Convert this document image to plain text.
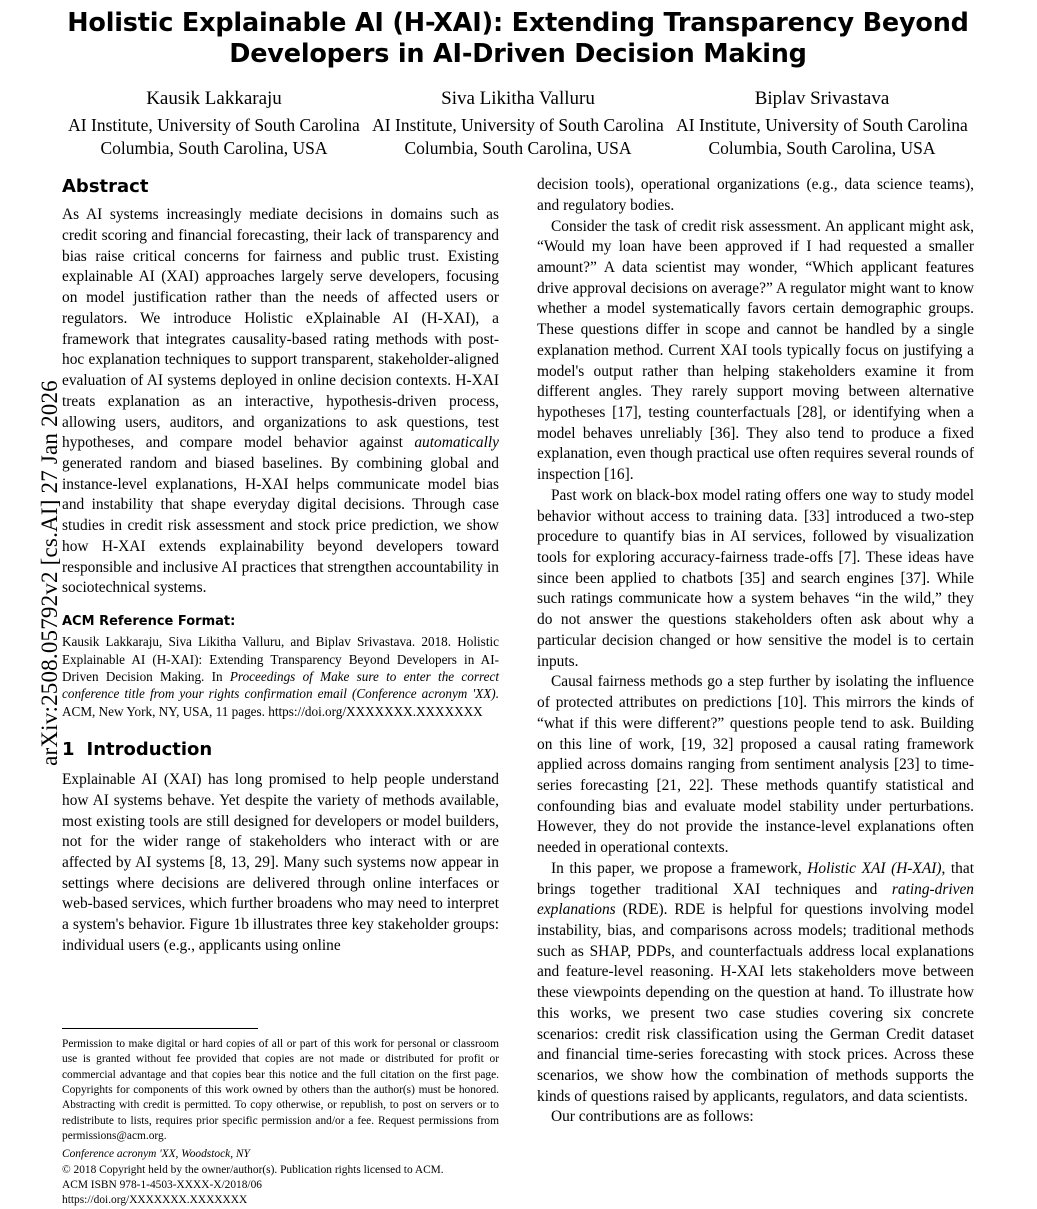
arXiv:2508.05792v2 [cs.AI] 27 Jan 2026
Holistic Explainable AI (H-XAI): Extending Transparency Beyond Developers in AI-Driven Decision Making
Kausik Lakkaraju
AI Institute, University of South Carolina
Columbia, South Carolina, USA
Siva Likitha Valluru
AI Institute, University of South Carolina
Columbia, South Carolina, USA
Biplav Srivastava
AI Institute, University of South Carolina
Columbia, South Carolina, USA
Abstract

As AI systems increasingly mediate decisions in domains such as credit scoring and financial forecasting, their lack of transparency and bias raise critical concerns for fairness and public trust. Existing explainable AI (XAI) approaches largely serve developers, focusing on model justification rather than the needs of affected users or regulators. We introduce Holistic eXplainable AI (H-XAI), a framework that integrates causality-based rating methods with post-hoc explanation techniques to support transparent, stakeholder-aligned evaluation of AI systems deployed in online decision contexts. H-XAI treats explanation as an interactive, hypothesis-driven process, allowing users, auditors, and organizations to ask questions, test hypotheses, and compare model behavior against automatically generated random and biased baselines. By combining global and instance-level explanations, H-XAI helps communicate model bias and instability that shape everyday digital decisions. Through case studies in credit risk assessment and stock price prediction, we show how H-XAI extends explainability beyond developers toward responsible and inclusive AI practices that strengthen accountability in sociotechnical systems.

ACM Reference Format:
Kausik Lakkaraju, Siva Likitha Valluru, and Biplav Srivastava. 2018. Holistic Explainable AI (H-XAI): Extending Transparency Beyond Developers in AI-Driven Decision Making. In Proceedings of Make sure to enter the correct conference title from your rights confirmation email (Conference acronym 'XX). ACM, New York, NY, USA, 11 pages. https://doi.org/XXXXXXX.XXXXXXX
1 Introduction

Explainable AI (XAI) has long promised to help people understand how AI systems behave. Yet despite the variety of methods available, most existing tools are still designed for developers or model builders, not for the wider range of stakeholders who interact with or are affected by AI systems [8, 13, 29]. Many such systems now appear in settings where decisions are delivered through online interfaces or web-based services, which further broadens who may need to interpret a system's behavior. Figure 1b illustrates three key stakeholder groups: individual users (e.g., applicants using online

decision tools), operational organizations (e.g., data science teams), and regulatory bodies.

Consider the task of credit risk assessment. An applicant might ask, “Would my loan have been approved if I had requested a smaller amount?” A data scientist may wonder, “Which applicant features drive approval decisions on average?” A regulator might want to know whether a model systematically favors certain demographic groups. These questions differ in scope and cannot be handled by a single explanation method. Current XAI tools typically focus on justifying a model's output rather than helping stakeholders examine it from different angles. They rarely support moving between alternative hypotheses [17], testing counterfactuals [28], or identifying when a model behaves unreliably [36]. They also tend to produce a fixed explanation, even though practical use often requires several rounds of inspection [16].

Past work on black-box model rating offers one way to study model behavior without access to training data. [33] introduced a two-step procedure to quantify bias in AI services, followed by visualization tools for exploring accuracy-fairness trade-offs [7]. These ideas have since been applied to chatbots [35] and search engines [37]. While such ratings communicate how a system behaves “in the wild,” they do not answer the questions stakeholders often ask about why a particular decision changed or how sensitive the model is to certain inputs.

Causal fairness methods go a step further by isolating the influence of protected attributes on predictions [10]. This mirrors the kinds of “what if this were different?” questions people tend to ask. Building on this line of work, [19, 32] proposed a causal rating framework applied across domains ranging from sentiment analysis [23] to time-series forecasting [21, 22]. These methods quantify statistical and confounding bias and evaluate model stability under perturbations. However, they do not provide the instance-level explanations often needed in operational contexts.

In this paper, we propose a framework, Holistic XAI (H-XAI), that brings together traditional XAI techniques and rating-driven explanations (RDE). RDE is helpful for questions involving model instability, bias, and comparisons across models; traditional methods such as SHAP, PDPs, and counterfactuals address local explanations and feature-level reasoning. H-XAI lets stakeholders move between these viewpoints depending on the question at hand. To illustrate how this works, we present two case studies covering six concrete scenarios: credit risk classification using the German Credit dataset and financial time-series forecasting with stock prices. Across these scenarios, we show how the combination of methods supports the kinds of questions raised by applicants, regulators, and data scientists.

Our contributions are as follows:

Permission to make digital or hard copies of all or part of this work for personal or classroom use is granted without fee provided that copies are not made or distributed for profit or commercial advantage and that copies bear this notice and the full citation on the first page. Copyrights for components of this work owned by others than the author(s) must be honored. Abstracting with credit is permitted. To copy otherwise, or republish, to post on servers or to redistribute to lists, requires prior specific permission and/or a fee. Request permissions from permissions@acm.org.
Conference acronym 'XX, Woodstock, NY
© 2018 Copyright held by the owner/author(s). Publication rights licensed to ACM.
ACM ISBN 978-1-4503-XXXX-X/2018/06
https://doi.org/XXXXXXX.XXXXXXX
